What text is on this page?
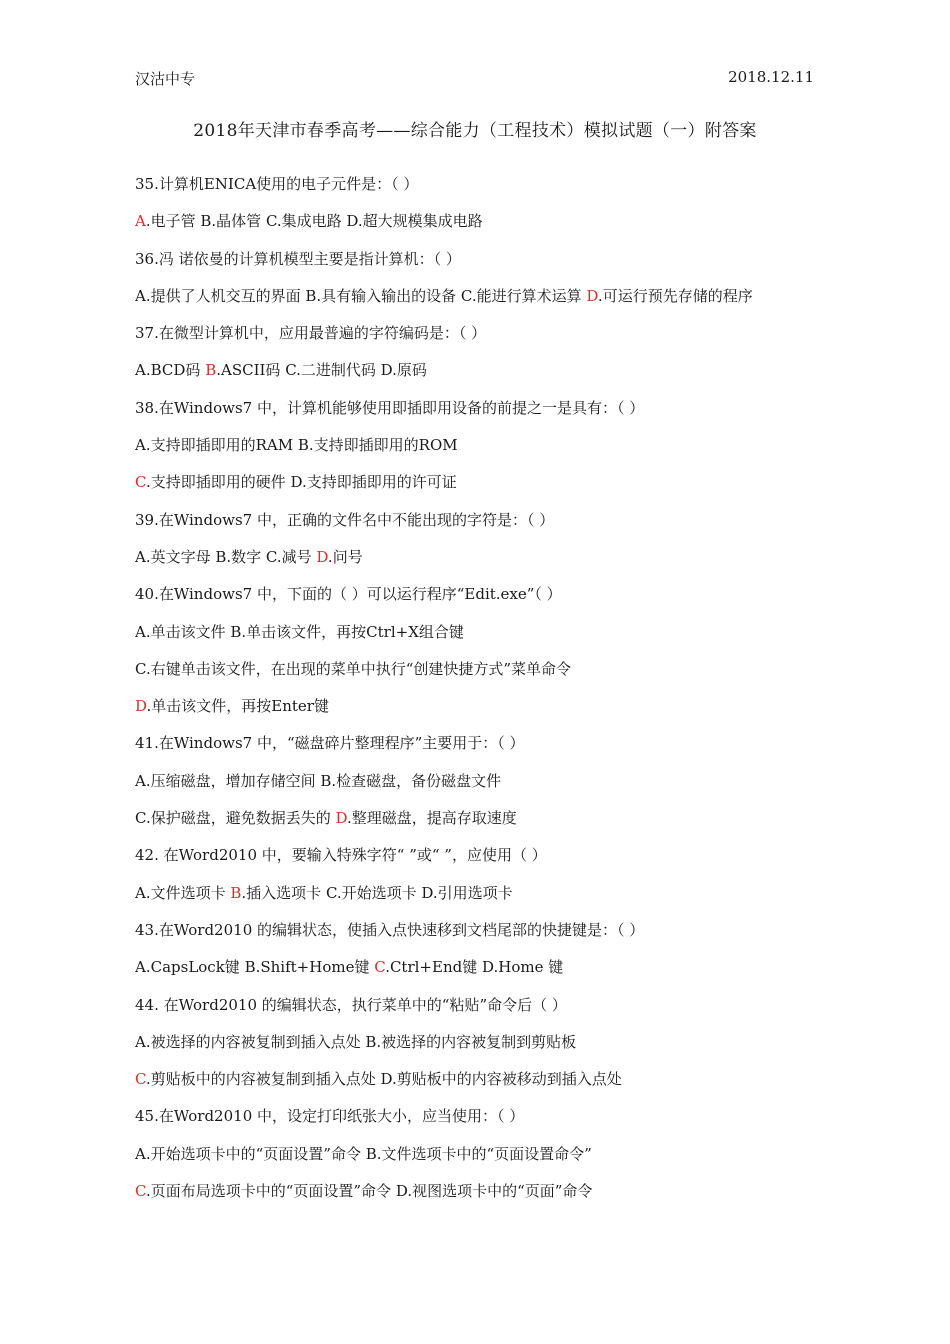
汉沽中专	2018.12.11
2018年天津市春季高考——综合能力（工程技术）模拟试题（一）附答案
35.计算机ENICA使用的电子元件是：（ ）
A.电子管 B.晶体管 C.集成电路 D.超大规模集成电路
36.冯 诺依曼的计算机模型主要是指计算机：（ ）
A.提供了人机交互的界面 B.具有输入输出的设备 C.能进行算术运算 D.可运行预先存储的程序
37.在微型计算机中，应用最普遍的字符编码是：（ ）
A.BCD码 B.ASCII码 C.二进制代码 D.原码
38.在Windows7 中，计算机能够使用即插即用设备的前提之一是具有：（ ）
A.支持即插即用的RAM B.支持即插即用的ROM
C.支持即插即用的硬件 D.支持即插即用的许可证
39.在Windows7 中，正确的文件名中不能出现的字符是：（ ）
A.英文字母 B.数字 C.减号 D.问号
40.在Windows7 中，下面的（ ）可以运行程序“Edit.exe”（ ）
A.单击该文件 B.单击该文件，再按Ctrl+X组合键
C.右键单击该文件，在出现的菜单中执行“创建快捷方式”菜单命令
D.单击该文件，再按Enter键
41.在Windows7 中，“磁盘碎片整理程序”主要用于：（ ）
A.压缩磁盘，增加存储空间 B.检查磁盘，备份磁盘文件
C.保护磁盘，避免数据丢失的 D.整理磁盘，提高存取速度
42. 在Word2010 中，要输入特殊字符“ ”或“ ”，应使用（ ）
A.文件选项卡 B.插入选项卡 C.开始选项卡 D.引用选项卡
43.在Word2010 的编辑状态，使插入点快速移到文档尾部的快捷键是：（ ）
A.CapsLock键 B.Shift+Home键 C.Ctrl+End键 D.Home 键
44. 在Word2010 的编辑状态，执行菜单中的“粘贴”命令后（ ）
A.被选择的内容被复制到插入点处 B.被选择的内容被复制到剪贴板
C.剪贴板中的内容被复制到插入点处 D.剪贴板中的内容被移动到插入点处
45.在Word2010 中，设定打印纸张大小，应当使用：（ ）
A.开始选项卡中的“页面设置”命令 B.文件选项卡中的“页面设置命令”
C.页面布局选项卡中的“页面设置”命令 D.视图选项卡中的“页面”命令
